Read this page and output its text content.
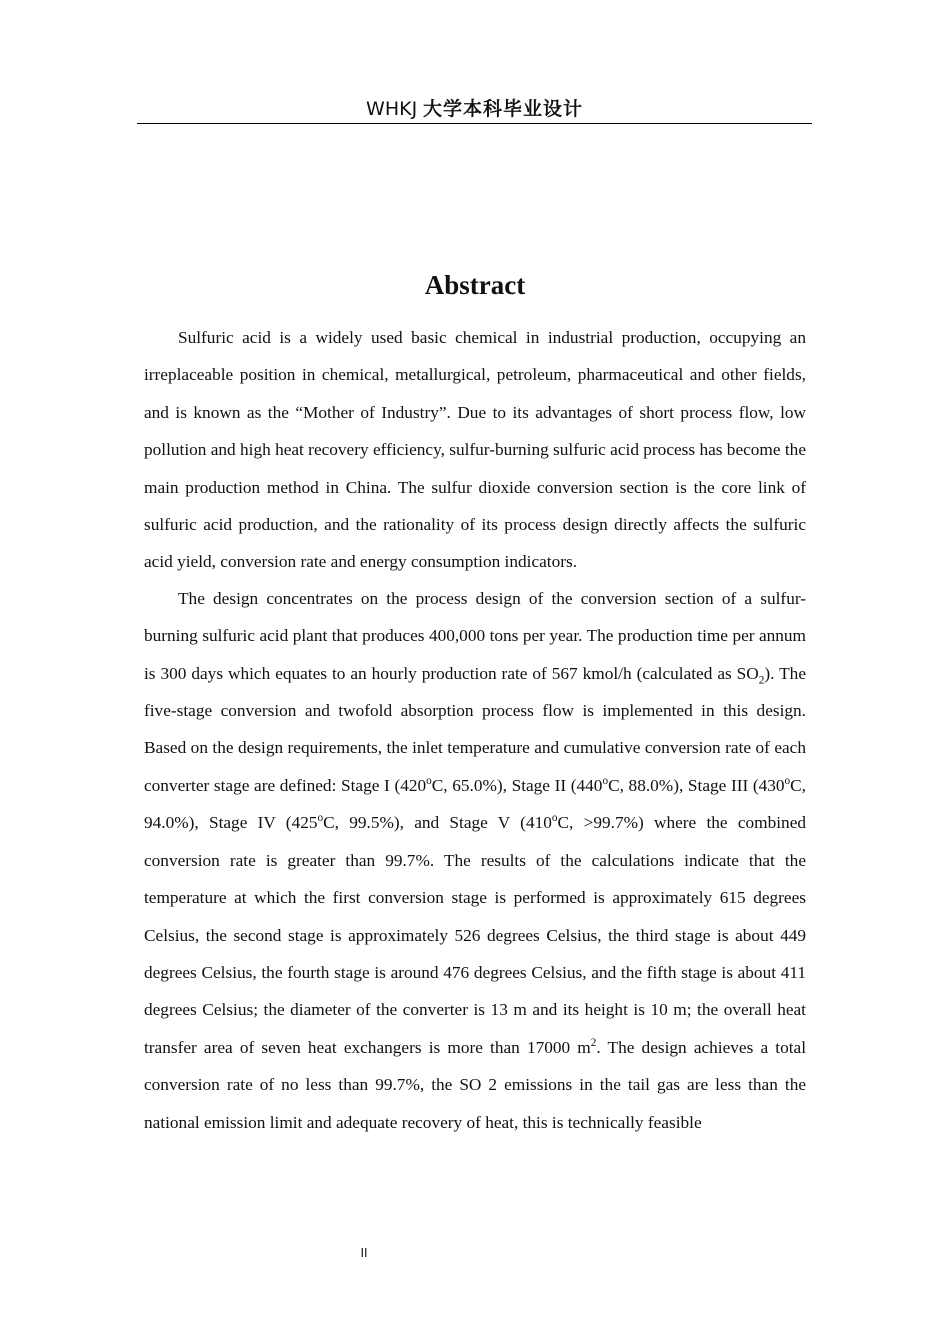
WHKJ 大学本科毕业设计
Abstract

Sulfuric acid is a widely used basic chemical in industrial production, occupying an irreplaceable position in chemical, metallurgical, petroleum, pharmaceutical and other fields, and is known as the “Mother of Industry”. Due to its advantages of short process flow, low pollution and high heat recovery efficiency, sulfur-burning sulfuric acid process has become the main production method in China. The sulfur dioxide conversion section is the core link of sulfuric acid production, and the rationality of its process design directly affects the sulfuric acid yield, conversion rate and energy consumption indicators.

The design concentrates on the process design of the conversion section of a sulfur-burning sulfuric acid plant that produces 400,000 tons per year. The production time per annum is 300 days which equates to an hourly production rate of 567 kmol/h (calculated as $SO_2$). The five-stage conversion and twofold absorption process flow is implemented in this design. Based on the design requirements, the inlet temperature and cumulative conversion rate of each converter stage are defined: Stage I (420$^o$C, 65.0%), Stage II (440$^o$C, 88.0%), Stage III (430$^o$C, 94.0%), Stage IV (425$^o$C, 99.5%), and Stage V ($410^oC$, >99.7%) where the combined conversion rate is greater than 99.7%. The results of the calculations indicate that the temperature at which the first conversion stage is performed is approximately 615 degrees Celsius, the second stage is approximately 526 degrees Celsius, the third stage is about 449 degrees Celsius, the fourth stage is around 476 degrees Celsius, and the fifth stage is about 411 degrees Celsius; the diameter of the converter is 13 m and its height is 10 m; the overall heat transfer area of seven heat exchangers is more than 17000 $m^2$. The design achieves a total conversion rate of no less than 99.7%, the SO 2 emissions in the tail gas are less than the national emission limit and adequate recovery of heat, this is technically feasible

II
